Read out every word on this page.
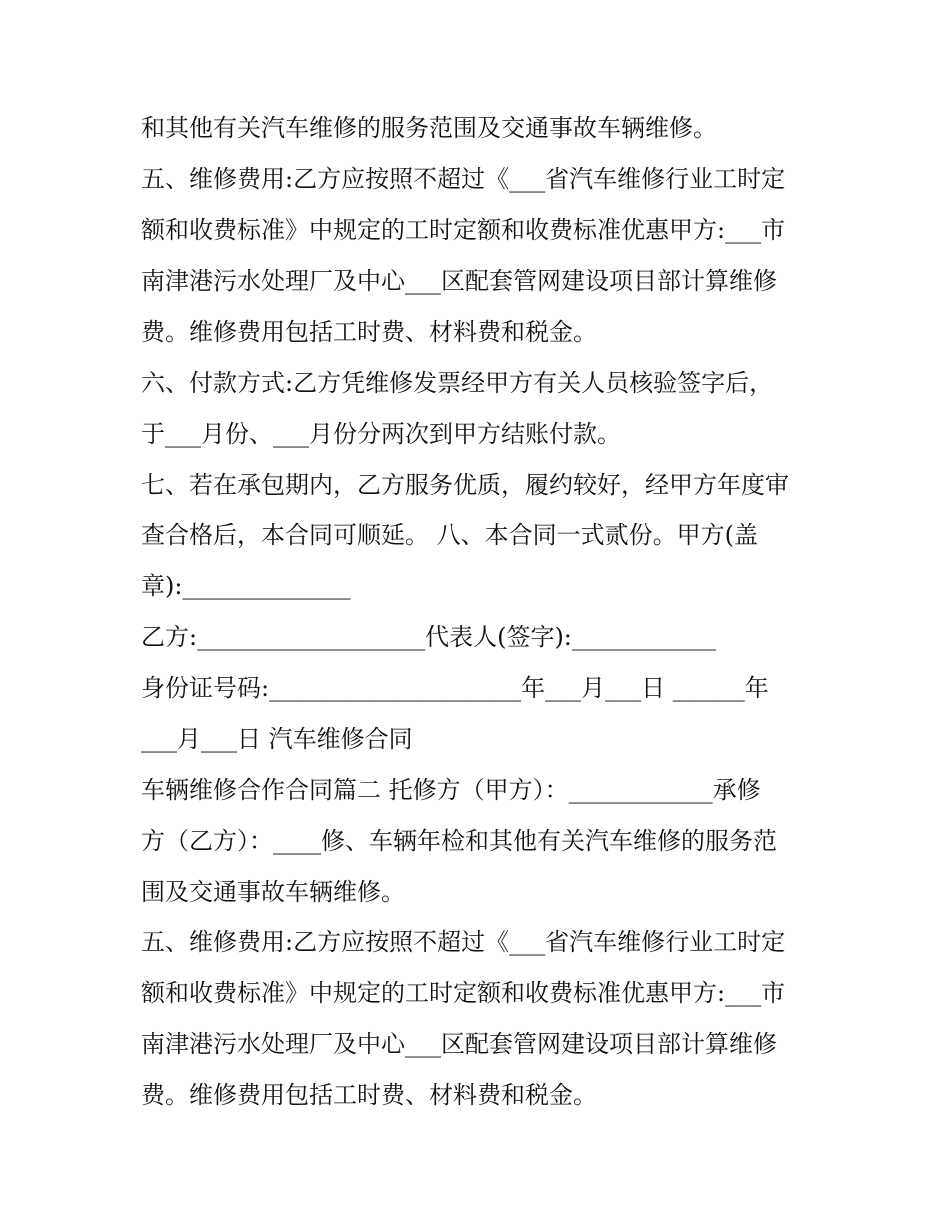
和其他有关汽车维修的服务范围及交通事故车辆维修。
五、维修费用:乙方应按照不超过《___省汽车维修行业工时定
额和收费标准》中规定的工时定额和收费标准优惠甲方:___市
南津港污水处理厂及中心___区配套管网建设项目部计算维修
费。维修费用包括工时费、材料费和税金。
六、付款方式:乙方凭维修发票经甲方有关人员核验签字后，
于___月份、___月份分两次到甲方结账付款。
七、若在承包期内，乙方服务优质，履约较好，经甲方年度审
查合格后，本合同可顺延。 八、本合同一式贰份。甲方(盖
章):______________
乙方:___________________代表人(签字):____________
身份证号码:_____________________年___月___日 ______年
___月___日 汽车维修合同
车辆维修合作合同篇二 托修方（甲方）：____________承修
方（乙方）：____修、车辆年检和其他有关汽车维修的服务范
围及交通事故车辆维修。
五、维修费用:乙方应按照不超过《___省汽车维修行业工时定
额和收费标准》中规定的工时定额和收费标准优惠甲方:___市
南津港污水处理厂及中心___区配套管网建设项目部计算维修
费。维修费用包括工时费、材料费和税金。
